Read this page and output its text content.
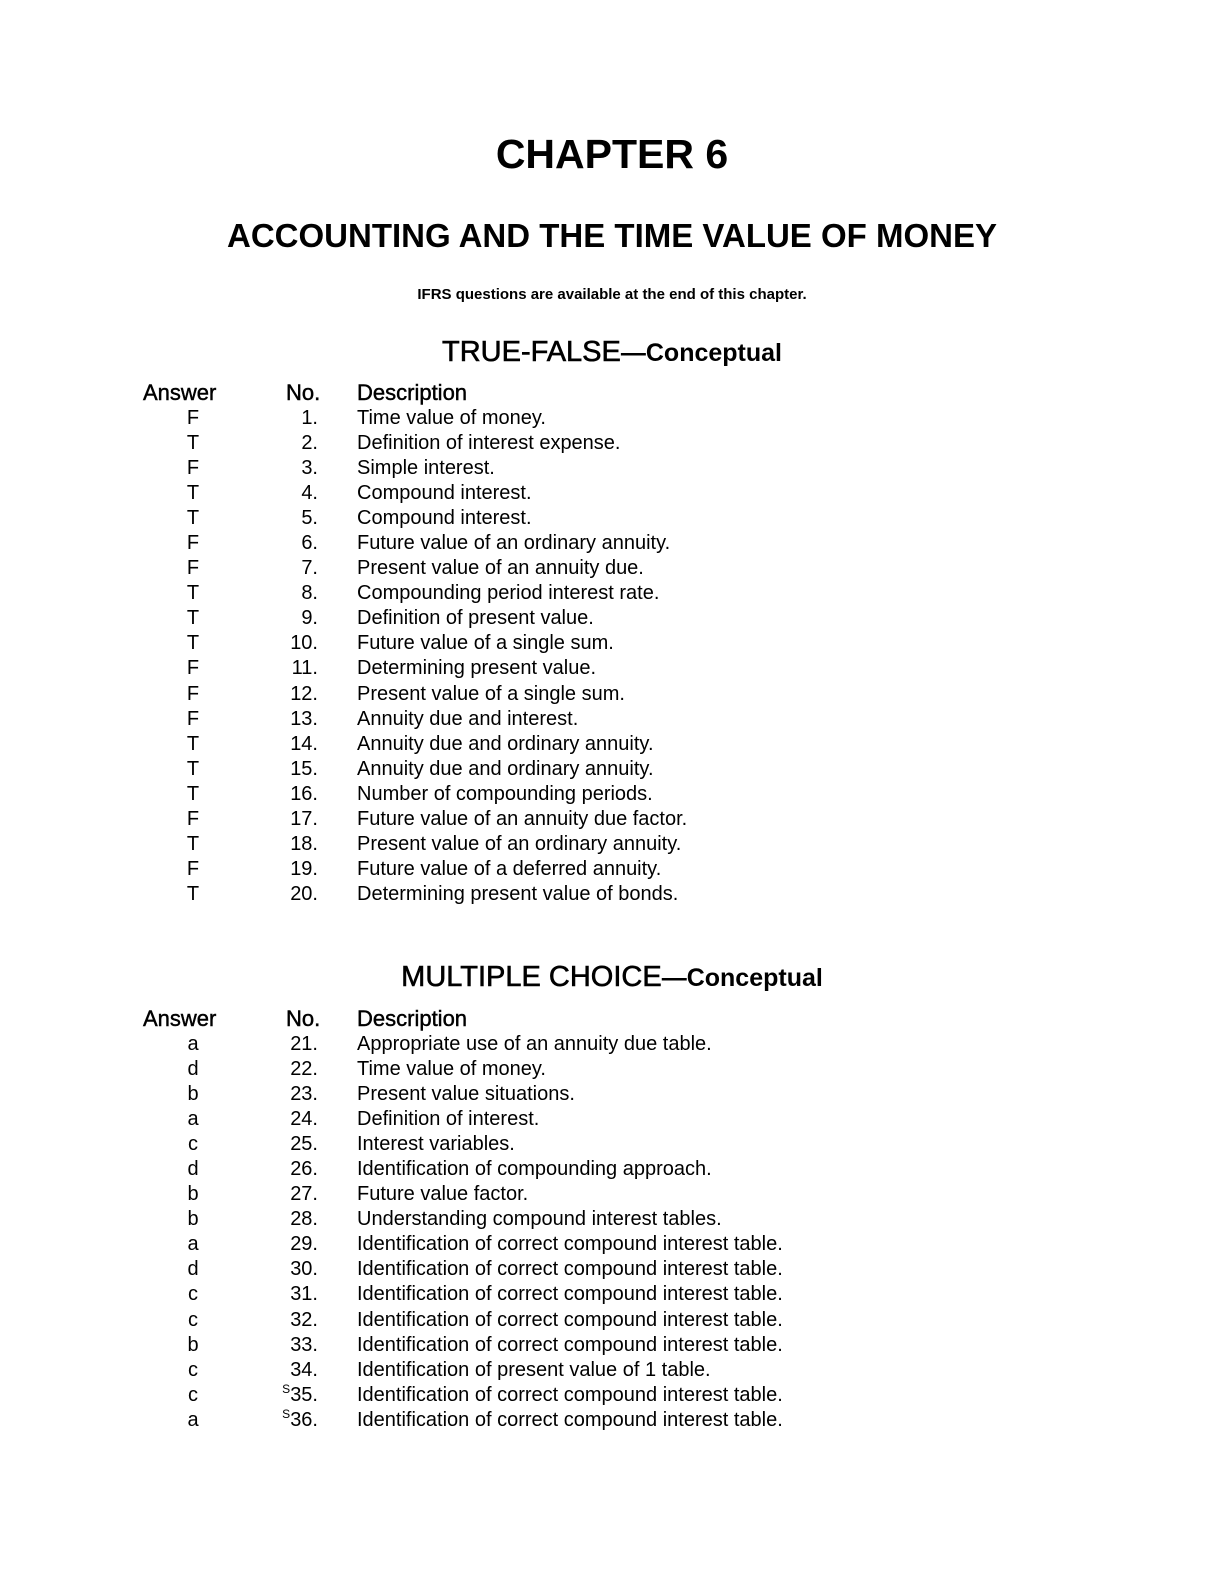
CHAPTER 6
ACCOUNTING AND THE TIME VALUE OF MONEY
IFRS questions are available at the end of this chapter.
TRUE-FALSE—Conceptual
Answer	No.	Description
F	1. Time value of money.
T	2. Definition of interest expense.
F	3. Simple interest.
T	4. Compound interest.
T	5. Compound interest.
F	6. Future value of an ordinary annuity.
F	7. Present value of an annuity due.
T	8. Compounding period interest rate.
T	9. Definition of present value.
T	10. Future value of a single sum.
F	11. Determining present value.
F	12. Present value of a single sum.
F	13. Annuity due and interest.
T	14. Annuity due and ordinary annuity.
T	15. Annuity due and ordinary annuity.
T	16. Number of compounding periods.
F	17. Future value of an annuity due factor.
T	18. Present value of an ordinary annuity.
F	19. Future value of a deferred annuity.
T	20. Determining present value of bonds.
MULTIPLE CHOICE—Conceptual
Answer	No.	Description
a	21. Appropriate use of an annuity due table.
d	22. Time value of money.
b	23. Present value situations.
a	24. Definition of interest.
c	25. Interest variables.
d	26. Identification of compounding approach.
b	27. Future value factor.
b	28. Understanding compound interest tables.
a	29. Identification of correct compound interest table.
d	30. Identification of correct compound interest table.
c	31. Identification of correct compound interest table.
c	32. Identification of correct compound interest table.
b	33. Identification of correct compound interest table.
c	34. Identification of present value of 1 table.
c	$^S$35. Identification of correct compound interest table.
a	$^S$36. Identification of correct compound interest table.
